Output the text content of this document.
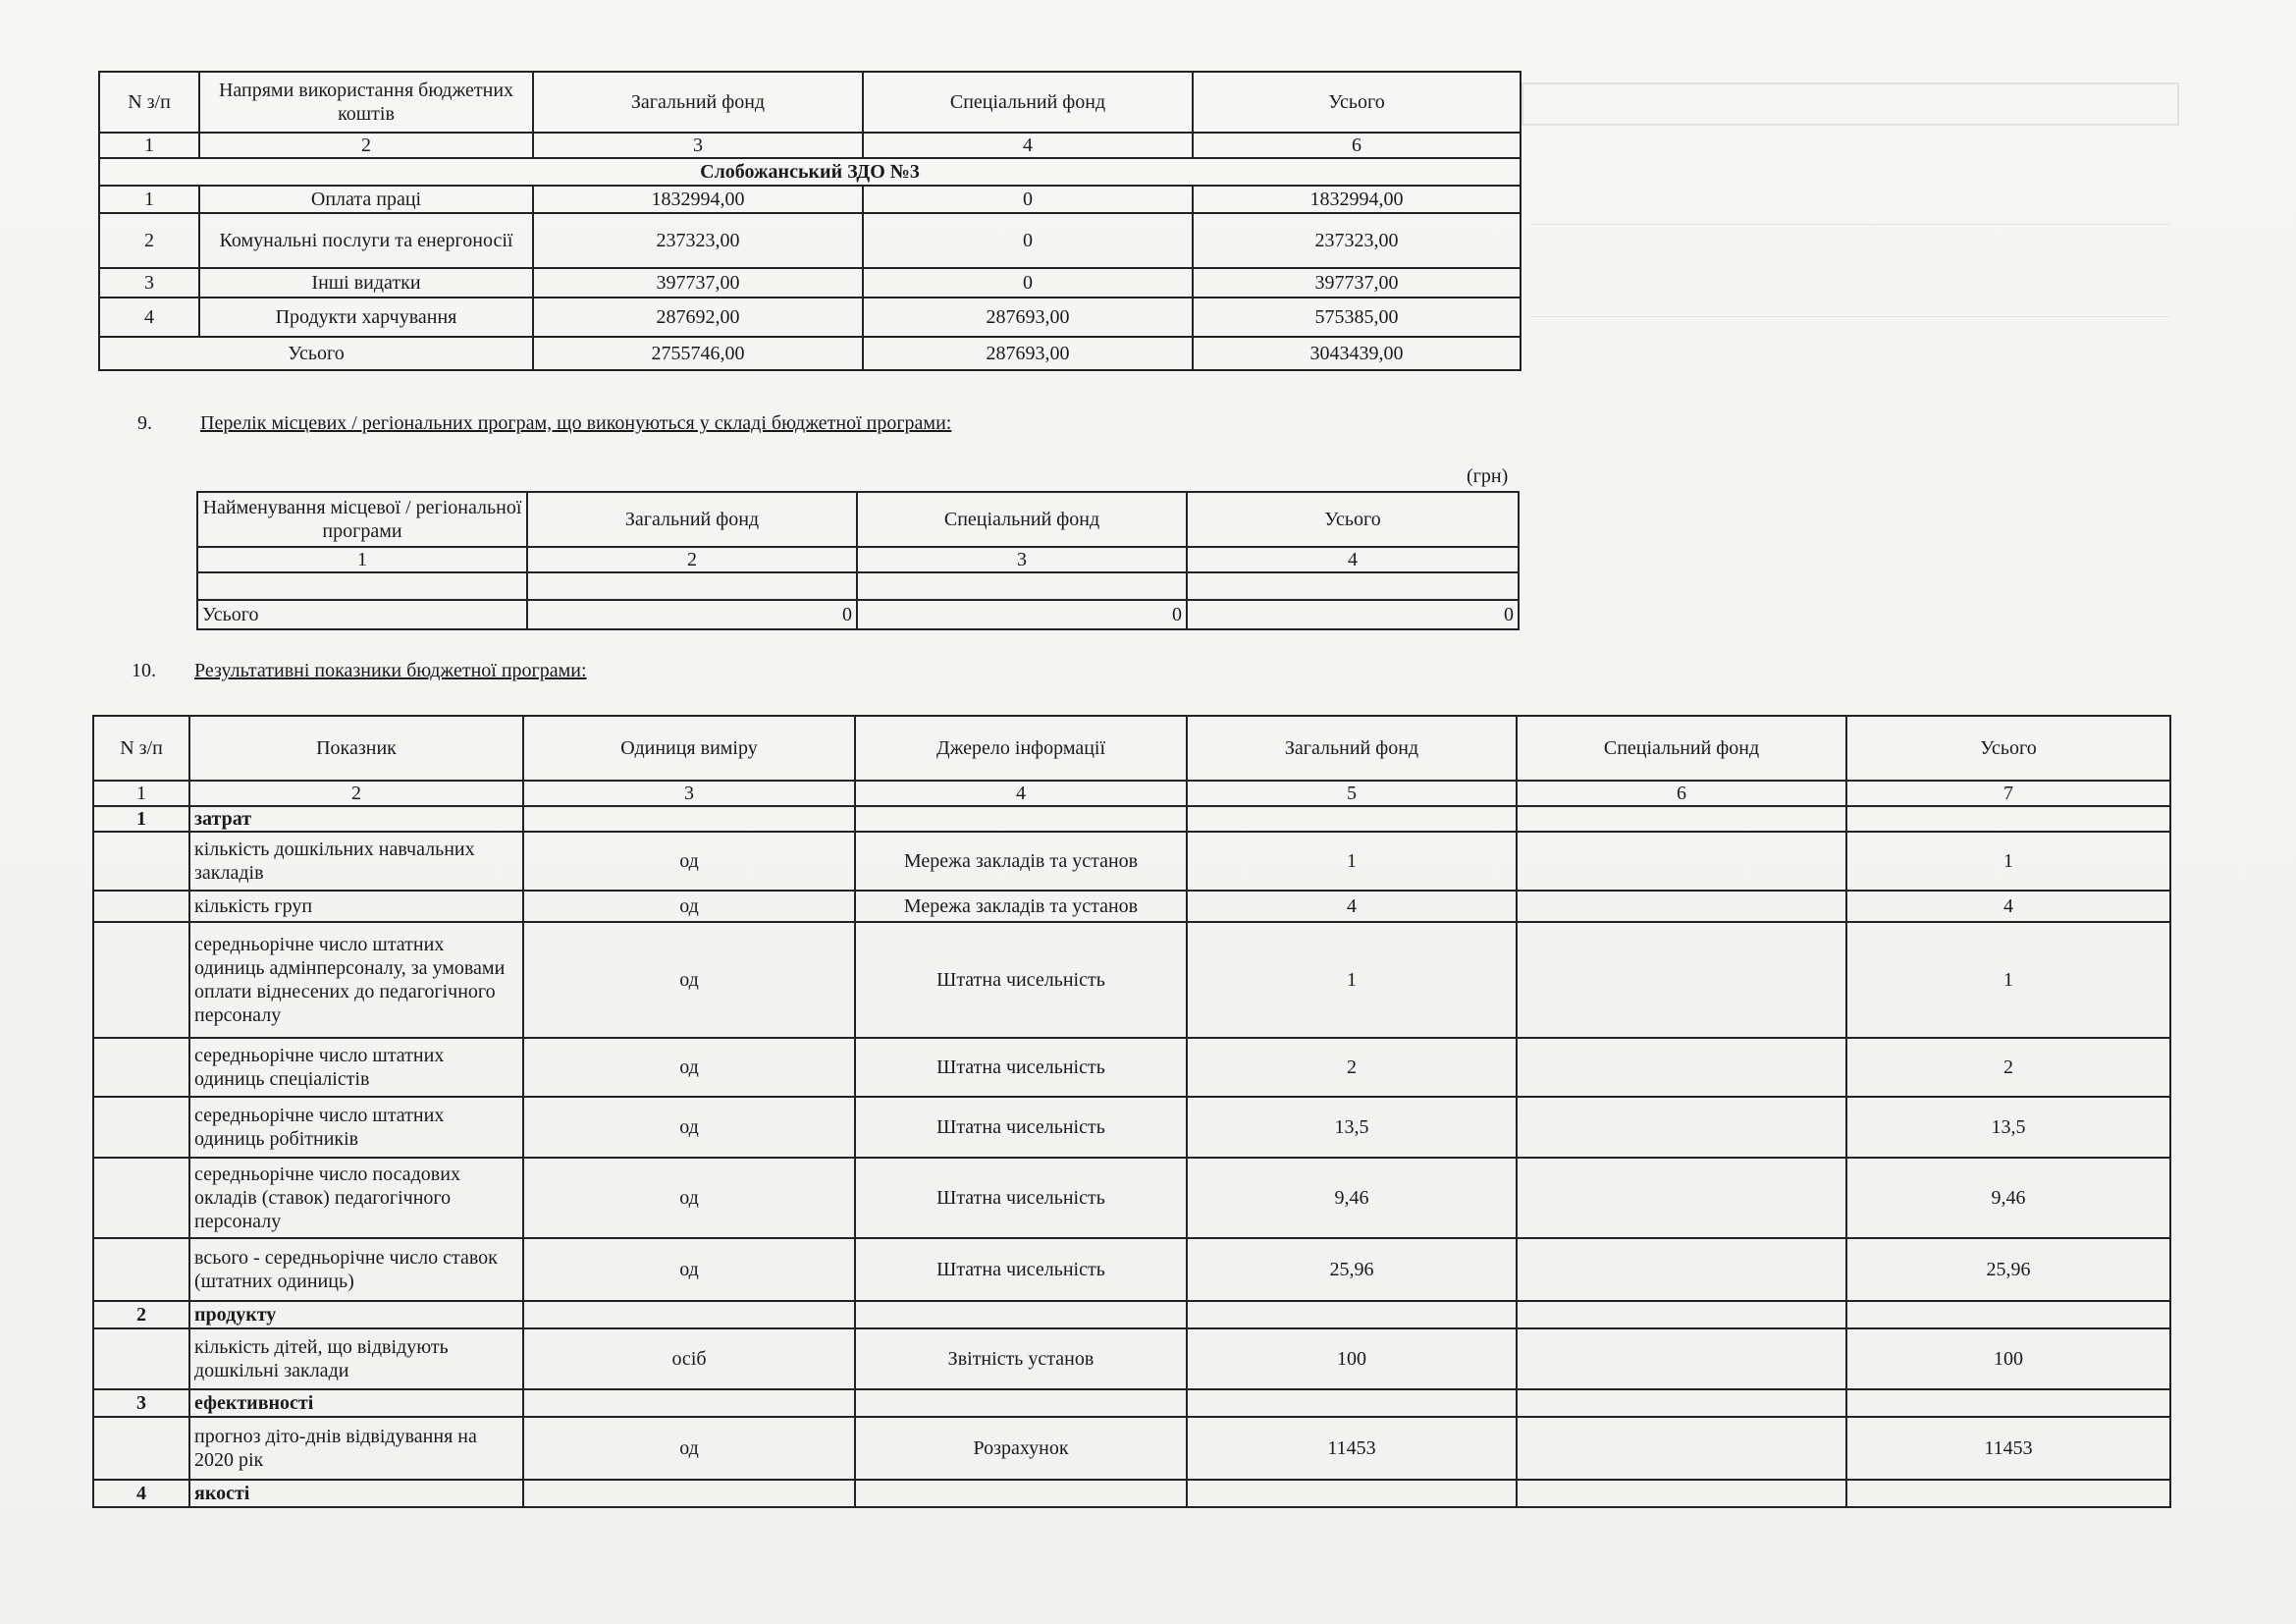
N з/п	Напрями використання бюджетних коштів	Загальний фонд	Спеціальний фонд	Усього
1	2	3	4	6
Слобожанський ЗДО №3				
1	Оплата праці	1832994,00	0	1832994,00
2	Комунальні послуги та енергоносії	237323,00	0	237323,00
3	Інші видатки	397737,00	0	397737,00
4	Продукти харчування	287692,00	287693,00	575385,00
Усього		2755746,00	287693,00	3043439,00
9. Перелік місцевих / регіональних програм, що виконуються у складі бюджетної програми:
(грн)
Найменування місцевої / регіональної програми	Загальний фонд	Спеціальний фонд	Усього
1	2	3	4

Усього	0	0	0
10. Результативні показники бюджетної програми:
N з/п	Показник	Одиниця виміру	Джерело інформації	Загальний фонд	Спеціальний фонд	Усього
1	2	3	4	5	6	7
1	затрат					
	кількість дошкільних навчальних закладів	од	Мережа закладів та установ	1		1
	кількість груп	од	Мережа закладів та установ	4		4
	середньорічне число штатних одиниць адмінперсоналу, за умовами оплати віднесених до педагогічного персоналу	од	Штатна чисельність	1		1
	середньорічне число штатних одиниць спеціалістів	од	Штатна чисельність	2		2
	середньорічне число штатних одиниць робітників	од	Штатна чисельність	13,5		13,5
	середньорічне число посадових окладів (ставок) педагогічного персоналу	од	Штатна чисельність	9,46		9,46
	всього - середньорічне число ставок (штатних одиниць)	од	Штатна чисельність	25,96		25,96
2	продукту					
	кількість дітей, що відвідують дошкільні заклади	осіб	Звітність установ	100		100
3	ефективності					
	прогноз діто-днів відвідування на 2020 рік	од	Розрахунок	11453		11453
4	якості					
